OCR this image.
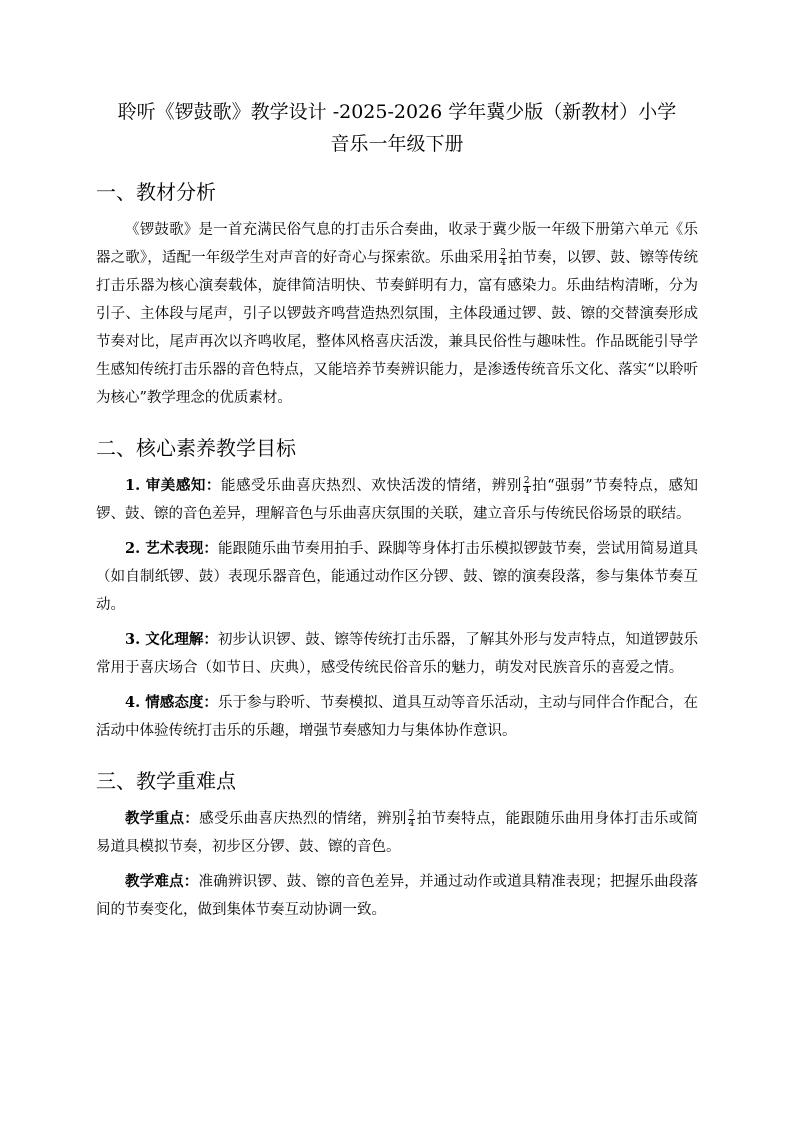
聆听《锣鼓歌》教学设计 -2025-2026 学年冀少版（新教材）小学
音乐一年级下册
一、教材分析

《锣鼓歌》是一首充满民俗气息的打击乐合奏曲，收录于冀少版一年级下册第六单元《乐器之歌》，适配一年级学生对声音的好奇心与探索欲。乐曲采用 $\frac{2}{4}$ 拍节奏，以锣、鼓、镲等传统打击乐器为核心演奏载体，旋律简洁明快、节奏鲜明有力，富有感染力。乐曲结构清晰，分为引子、主体段与尾声，引子以锣鼓齐鸣营造热烈氛围，主体段通过锣、鼓、镲的交替演奏形成节奏对比，尾声再次以齐鸣收尾，整体风格喜庆活泼，兼具民俗性与趣味性。作品既能引导学生感知传统打击乐器的音色特点，又能培养节奏辨识能力，是渗透传统音乐文化、落实“以聆听为核心”教学理念的优质素材。

二、核心素养教学目标

1. 审美感知：能感受乐曲喜庆热烈、欢快活泼的情绪，辨别 $\frac{2}{4}$ 拍“强弱”节奏特点，感知锣、鼓、镲的音色差异，理解音色与乐曲喜庆氛围的关联，建立音乐与传统民俗场景的联结。

2. 艺术表现：能跟随乐曲节奏用拍手、跺脚等身体打击乐模拟锣鼓节奏，尝试用简易道具（如自制纸锣、鼓）表现乐器音色，能通过动作区分锣、鼓、镲的演奏段落，参与集体节奏互动。

3. 文化理解：初步认识锣、鼓、镲等传统打击乐器，了解其外形与发声特点，知道锣鼓乐常用于喜庆场合（如节日、庆典），感受传统民俗音乐的魅力，萌发对民族音乐的喜爱之情。

4. 情感态度：乐于参与聆听、节奏模拟、道具互动等音乐活动，主动与同伴合作配合，在活动中体验传统打击乐的乐趣，增强节奏感知力与集体协作意识。

三、教学重难点

教学重点：感受乐曲喜庆热烈的情绪，辨别 $\frac{2}{4}$ 拍节奏特点，能跟随乐曲用身体打击乐或简易道具模拟节奏，初步区分锣、鼓、镲的音色。

教学难点：准确辨识锣、鼓、镲的音色差异，并通过动作或道具精准表现；把握乐曲段落间的节奏变化，做到集体节奏互动协调一致。
